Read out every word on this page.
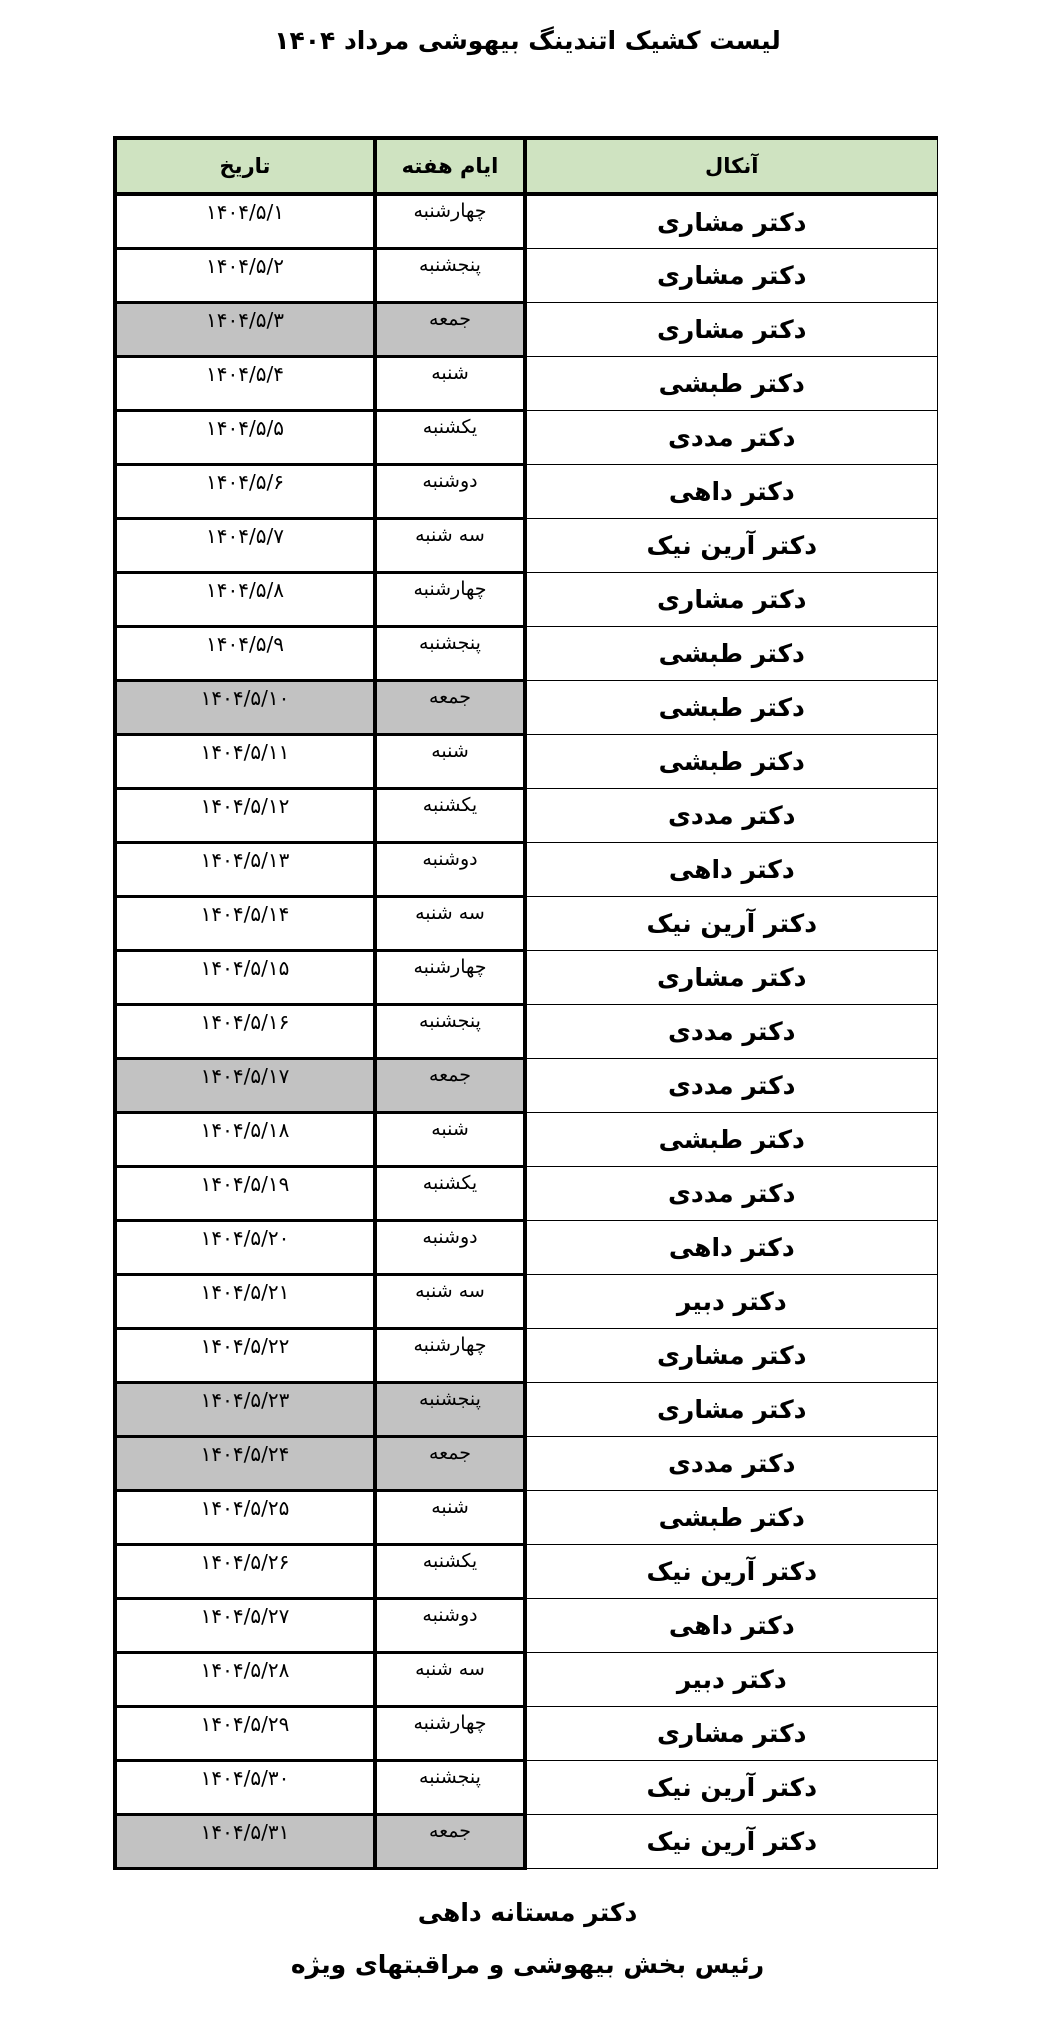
لیست کشیک اتندینگ بیهوشی مرداد ۱۴۰۴
تاریخ	ایام هفته	آنکال
۱۴۰۴/۵/۱	چهارشنبه	دکتر مشاری
۱۴۰۴/۵/۲	پنجشنبه	دکتر مشاری
۱۴۰۴/۵/۳	جمعه	دکتر مشاری
۱۴۰۴/۵/۴	شنبه	دکتر طبشی
۱۴۰۴/۵/۵	یکشنبه	دکتر مددی
۱۴۰۴/۵/۶	دوشنبه	دکتر داهی
۱۴۰۴/۵/۷	سه شنبه	دکتر آرین نیک
۱۴۰۴/۵/۸	چهارشنبه	دکتر مشاری
۱۴۰۴/۵/۹	پنجشنبه	دکتر طبشی
۱۴۰۴/۵/۱۰	جمعه	دکتر طبشی
۱۴۰۴/۵/۱۱	شنبه	دکتر طبشی
۱۴۰۴/۵/۱۲	یکشنبه	دکتر مددی
۱۴۰۴/۵/۱۳	دوشنبه	دکتر داهی
۱۴۰۴/۵/۱۴	سه شنبه	دکتر آرین نیک
۱۴۰۴/۵/۱۵	چهارشنبه	دکتر مشاری
۱۴۰۴/۵/۱۶	پنجشنبه	دکتر مددی
۱۴۰۴/۵/۱۷	جمعه	دکتر مددی
۱۴۰۴/۵/۱۸	شنبه	دکتر طبشی
۱۴۰۴/۵/۱۹	یکشنبه	دکتر مددی
۱۴۰۴/۵/۲۰	دوشنبه	دکتر داهی
۱۴۰۴/۵/۲۱	سه شنبه	دکتر دبیر
۱۴۰۴/۵/۲۲	چهارشنبه	دکتر مشاری
۱۴۰۴/۵/۲۳	پنجشنبه	دکتر مشاری
۱۴۰۴/۵/۲۴	جمعه	دکتر مددی
۱۴۰۴/۵/۲۵	شنبه	دکتر طبشی
۱۴۰۴/۵/۲۶	یکشنبه	دکتر آرین نیک
۱۴۰۴/۵/۲۷	دوشنبه	دکتر داهی
۱۴۰۴/۵/۲۸	سه شنبه	دکتر دبیر
۱۴۰۴/۵/۲۹	چهارشنبه	دکتر مشاری
۱۴۰۴/۵/۳۰	پنجشنبه	دکتر آرین نیک
۱۴۰۴/۵/۳۱	جمعه	دکتر آرین نیک
دکتر مستانه داهی
رئیس بخش بیهوشی و مراقبتهای ویژه
